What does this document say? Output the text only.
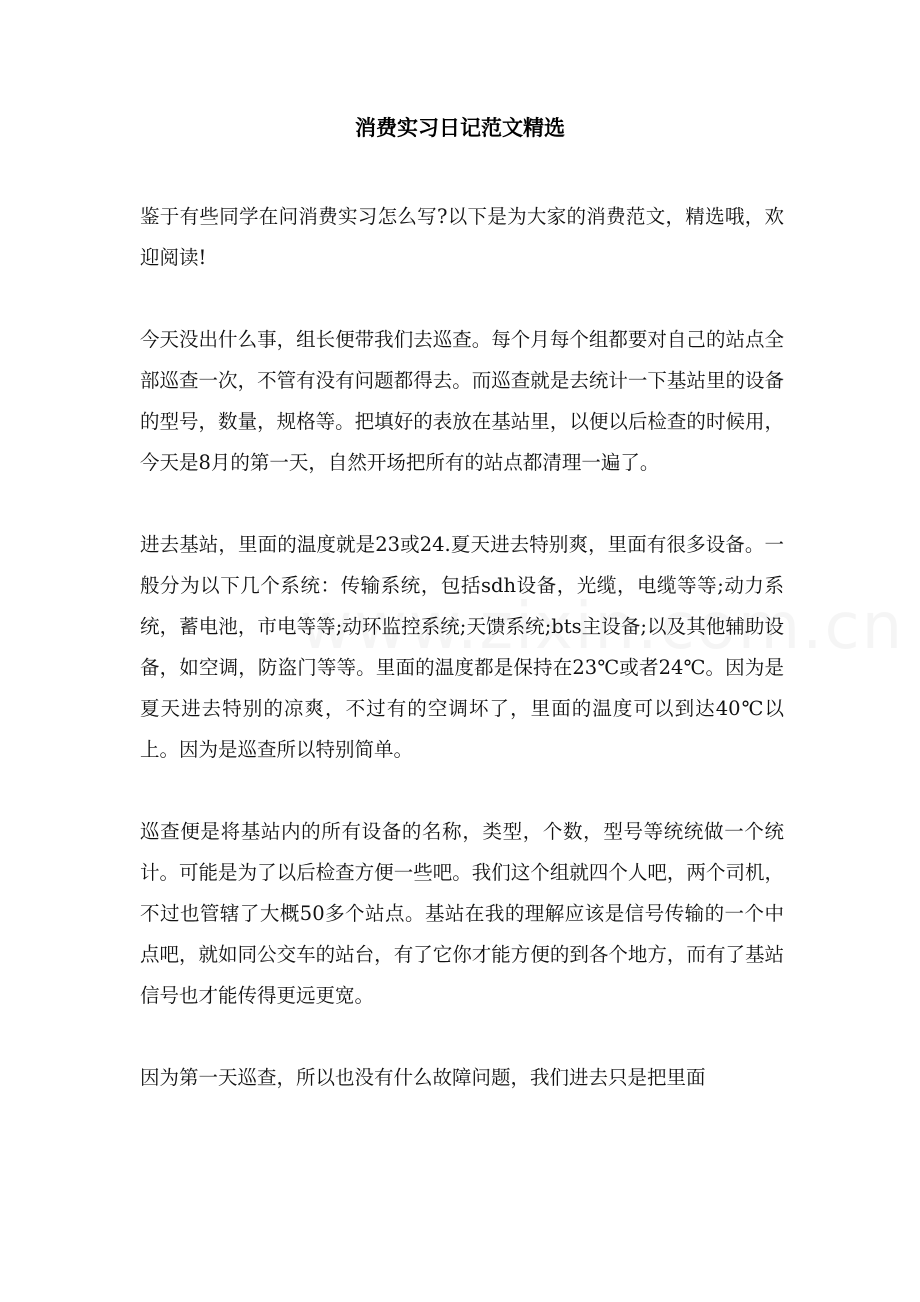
消费实习日记范文精选

鉴于有些同学在问消费实习怎么写?以下是为大家的消费范文，精选哦，欢迎阅读!

今天没出什么事，组长便带我们去巡查。每个月每个组都要对自己的站点全部巡查一次，不管有没有问题都得去。而巡查就是去统计一下基站里的设备的型号，数量，规格等。把填好的表放在基站里，以便以后检查的时候用，今天是8月的第一天，自然开场把所有的站点都清理一遍了。

进去基站，里面的温度就是23或24.夏天进去特别爽，里面有很多设备。一般分为以下几个系统：传输系统，包括sdh设备，光缆，电缆等等;动力系统，蓄电池，市电等等;动环监控系统;天馈系统;bts主设备;以及其他辅助设备，如空调，防盗门等等。里面的温度都是保持在23℃或者24℃。因为是夏天进去特别的凉爽，不过有的空调坏了，里面的温度可以到达40℃以上。因为是巡查所以特别简单。

巡查便是将基站内的所有设备的名称，类型，个数，型号等统统做一个统计。可能是为了以后检查方便一些吧。我们这个组就四个人吧，两个司机，不过也管辖了大概50多个站点。基站在我的理解应该是信号传输的一个中点吧，就如同公交车的站台，有了它你才能方便的到各个地方，而有了基站信号也才能传得更远更宽。

因为第一天巡查，所以也没有什么故障问题，我们进去只是把里面
